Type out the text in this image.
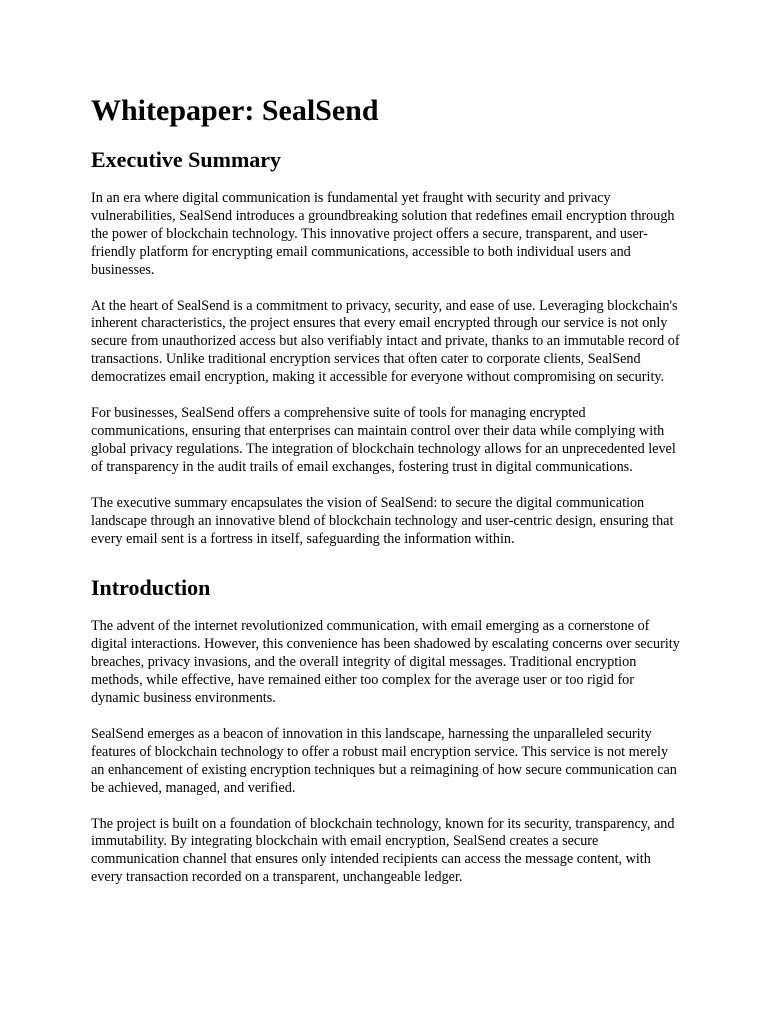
Whitepaper: SealSend
Executive Summary

In an era where digital communication is fundamental yet fraught with security and privacy vulnerabilities, SealSend introduces a groundbreaking solution that redefines email encryption through the power of blockchain technology. This innovative project offers a secure, transparent, and user-friendly platform for encrypting email communications, accessible to both individual users and businesses.

At the heart of SealSend is a commitment to privacy, security, and ease of use. Leveraging blockchain's inherent characteristics, the project ensures that every email encrypted through our service is not only secure from unauthorized access but also verifiably intact and private, thanks to an immutable record of transactions. Unlike traditional encryption services that often cater to corporate clients, SealSend democratizes email encryption, making it accessible for everyone without compromising on security.

For businesses, SealSend offers a comprehensive suite of tools for managing encrypted communications, ensuring that enterprises can maintain control over their data while complying with global privacy regulations. The integration of blockchain technology allows for an unprecedented level of transparency in the audit trails of email exchanges, fostering trust in digital communications.

The executive summary encapsulates the vision of SealSend: to secure the digital communication landscape through an innovative blend of blockchain technology and user-centric design, ensuring that every email sent is a fortress in itself, safeguarding the information within.

Introduction

The advent of the internet revolutionized communication, with email emerging as a cornerstone of digital interactions. However, this convenience has been shadowed by escalating concerns over security breaches, privacy invasions, and the overall integrity of digital messages. Traditional encryption methods, while effective, have remained either too complex for the average user or too rigid for dynamic business environments.

SealSend emerges as a beacon of innovation in this landscape, harnessing the unparalleled security features of blockchain technology to offer a robust mail encryption service. This service is not merely an enhancement of existing encryption techniques but a reimagining of how secure communication can be achieved, managed, and verified.

The project is built on a foundation of blockchain technology, known for its security, transparency, and immutability. By integrating blockchain with email encryption, SealSend creates a secure communication channel that ensures only intended recipients can access the message content, with every transaction recorded on a transparent, unchangeable ledger.
